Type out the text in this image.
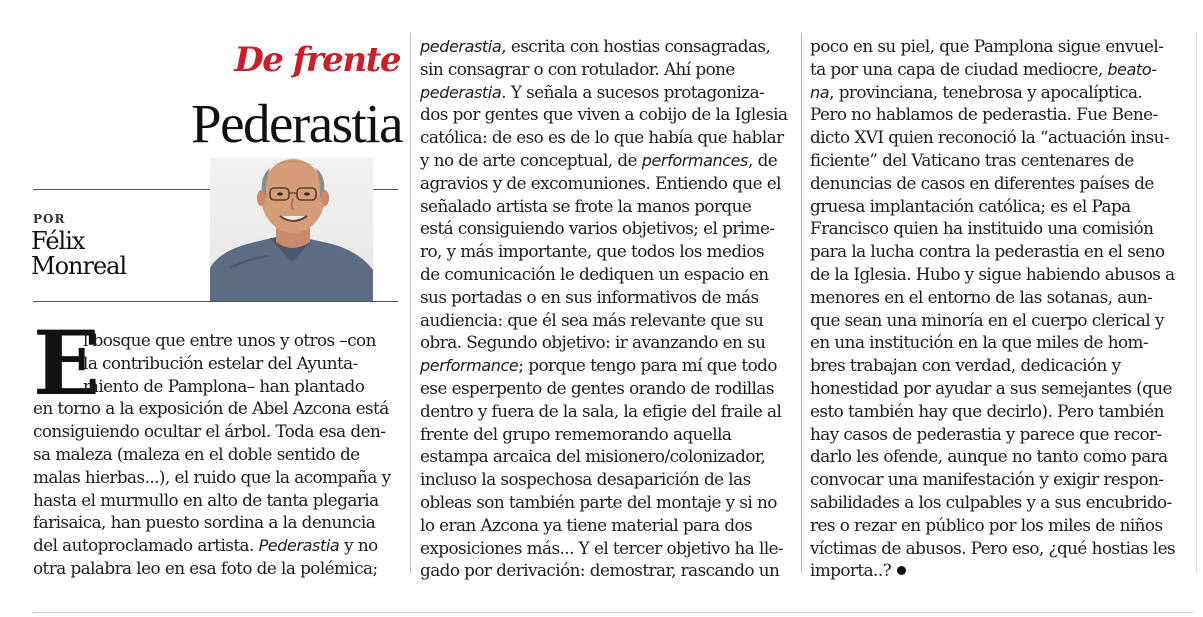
De frente
Pederastia
POR
Félix
Monreal
E
l bosque que entre unos y otros –con
la contribución estelar del Ayunta-
miento de Pamplona– han plantado
en torno a la exposición de Abel Azcona está
consiguiendo ocultar el árbol. Toda esa den-
sa maleza (maleza en el doble sentido de
malas hierbas...), el ruido que la acompaña y
hasta el murmullo en alto de tanta plegaria
farisaica, han puesto sordina a la denuncia
del autoproclamado artista. Pederastia y no
otra palabra leo en esa foto de la polémica;
pederastia, escrita con hostias consagradas,
sin consagrar o con rotulador. Ahí pone
pederastia. Y señala a sucesos protagoniza-
dos por gentes que viven a cobijo de la Iglesia
católica: de eso es de lo que había que hablar
y no de arte conceptual, de performances, de
agravios y de excomuniones. Entiendo que el
señalado artista se frote la manos porque
está consiguiendo varios objetivos; el prime-
ro, y más importante, que todos los medios
de comunicación le dediquen un espacio en
sus portadas o en sus informativos de más
audiencia: que él sea más relevante que su
obra. Segundo objetivo: ir avanzando en su
performance; porque tengo para mí que todo
ese esperpento de gentes orando de rodillas
dentro y fuera de la sala, la efigie del fraile al
frente del grupo rememorando aquella
estampa arcaica del misionero/colonizador,
incluso la sospechosa desaparición de las
obleas son también parte del montaje y si no
lo eran Azcona ya tiene material para dos
exposiciones más... Y el tercer objetivo ha lle-
gado por derivación: demostrar, rascando un
poco en su piel, que Pamplona sigue envuel-
ta por una capa de ciudad mediocre, beato-
na, provinciana, tenebrosa y apocalíptica.
Pero no hablamos de pederastia. Fue Bene-
dicto XVI quien reconoció la “actuación insu-
ficiente” del Vaticano tras centenares de
denuncias de casos en diferentes países de
gruesa implantación católica; es el Papa
Francisco quien ha instituido una comisión
para la lucha contra la pederastia en el seno
de la Iglesia. Hubo y sigue habiendo abusos a
menores en el entorno de las sotanas, aun-
que sean una minoría en el cuerpo clerical y
en una institución en la que miles de hom-
bres trabajan con verdad, dedicación y
honestidad por ayudar a sus semejantes (que
esto también hay que decirlo). Pero también
hay casos de pederastia y parece que recor-
darlo les ofende, aunque no tanto como para
convocar una manifestación y exigir respon-
sabilidades a los culpables y a sus encubrido-
res o rezar en público por los miles de niños
víctimas de abusos. Pero eso, ¿qué hostias les
importa..?
